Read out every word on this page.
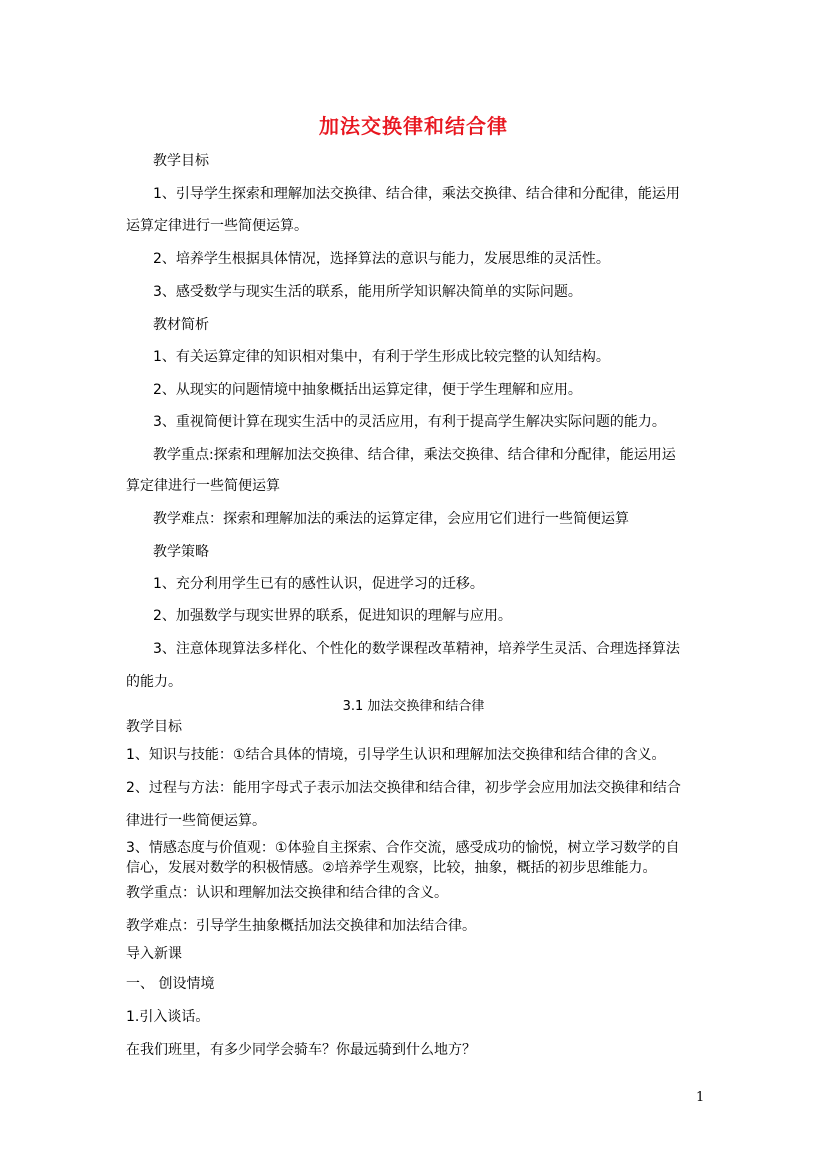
加法交换律和结合律
教学目标
1、引导学生探索和理解加法交换律、结合律，乘法交换律、结合律和分配律，能运用
运算定律进行一些简便运算。
2、培养学生根据具体情况，选择算法的意识与能力，发展思维的灵活性。
3、感受数学与现实生活的联系，能用所学知识解决简单的实际问题。
教材简析
1、有关运算定律的知识相对集中，有利于学生形成比较完整的认知结构。
2、从现实的问题情境中抽象概括出运算定律，便于学生理解和应用。
3、重视简便计算在现实生活中的灵活应用，有利于提高学生解决实际问题的能力。
教学重点:探索和理解加法交换律、结合律，乘法交换律、结合律和分配律，能运用运
算定律进行一些简便运算
教学难点：探索和理解加法的乘法的运算定律，会应用它们进行一些简便运算
教学策略
1、充分利用学生已有的感性认识，促进学习的迁移。
2、加强数学与现实世界的联系，促进知识的理解与应用。
3、注意体现算法多样化、个性化的数学课程改革精神，培养学生灵活、合理选择算法
的能力。
3.1 加法交换律和结合律
教学目标
1、知识与技能：①结合具体的情境，引导学生认识和理解加法交换律和结合律的含义。
2、过程与方法：能用字母式子表示加法交换律和结合律，初步学会应用加法交换律和结合
律进行一些简便运算。
3、情感态度与价值观：①体验自主探索、合作交流，感受成功的愉悦，树立学习数学的自
信心，发展对数学的积极情感。②培养学生观察，比较，抽象，概括的初步思维能力。
教学重点：认识和理解加法交换律和结合律的含义。
教学难点：引导学生抽象概括加法交换律和加法结合律。
导入新课
一、 创设情境
1.引入谈话。
在我们班里，有多少同学会骑车？你最远骑到什么地方？
1
